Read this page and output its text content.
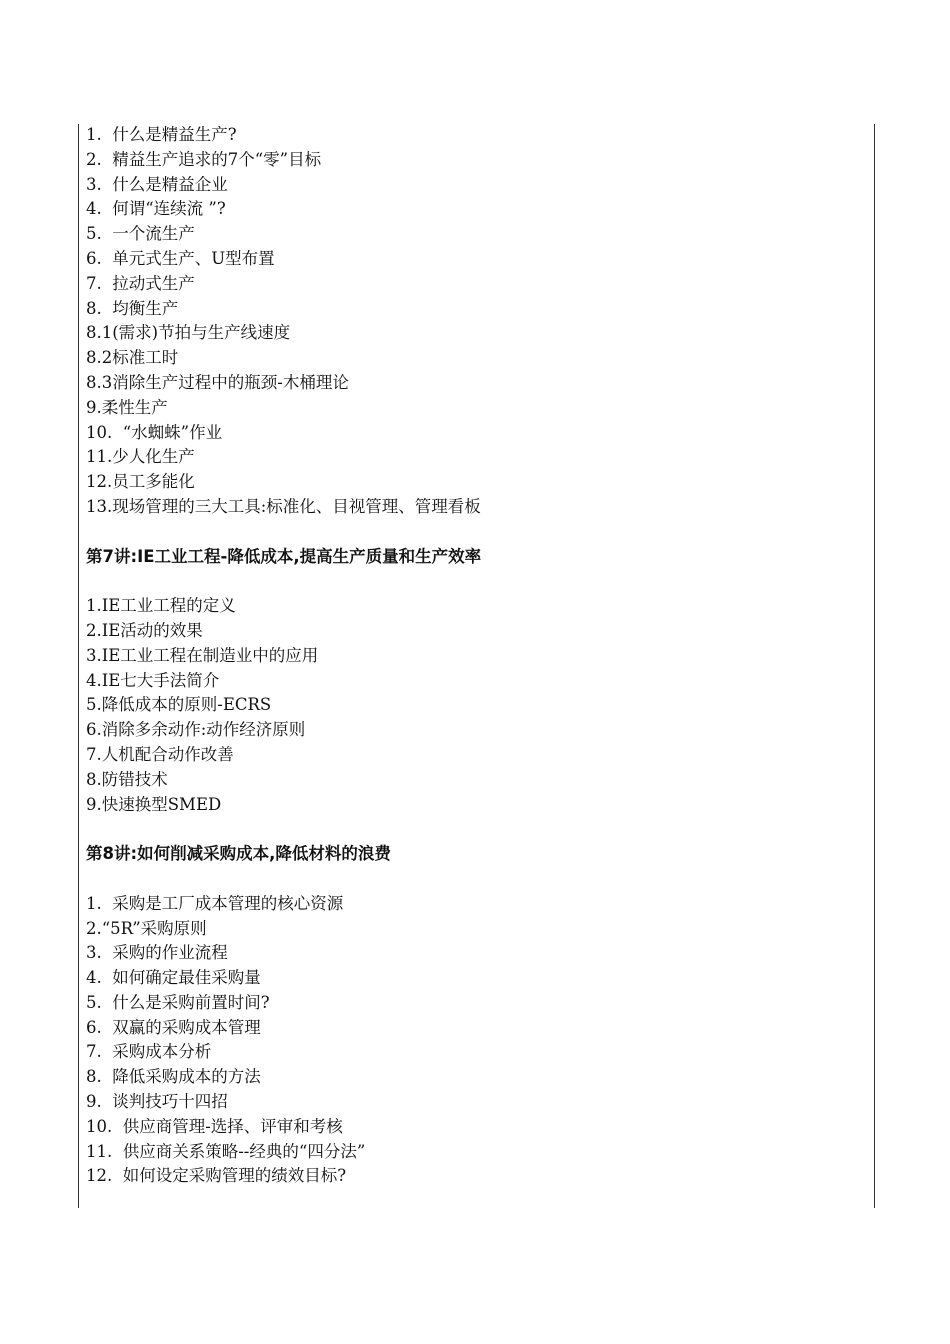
1.  什么是精益生产?
2.  精益生产追求的7个“零”目标
3.  什么是精益企业
4.  何谓“连续流 ”?
5.  一个流生产
6.  单元式生产、U型布置
7.  拉动式生产
8.  均衡生产
8.1(需求)节拍与生产线速度
8.2标准工时
8.3消除生产过程中的瓶颈-木桶理论
9.柔性生产
10.  “水蜘蛛”作业
11.少人化生产
12.员工多能化
13.现场管理的三大工具:标准化、目视管理、管理看板
第7讲:IE工业工程-降低成本,提高生产质量和生产效率
1.IE工业工程的定义
2.IE活动的效果
3.IE工业工程在制造业中的应用
4.IE七大手法简介
5.降低成本的原则-ECRS
6.消除多余动作:动作经济原则
7.人机配合动作改善
8.防错技术
9.快速换型SMED
第8讲:如何削减采购成本,降低材料的浪费
1.  采购是工厂成本管理的核心资源
2.“5R”采购原则
3.  采购的作业流程
4.  如何确定最佳采购量
5.  什么是采购前置时间?
6.  双赢的采购成本管理
7.  采购成本分析
8.  降低采购成本的方法
9.  谈判技巧十四招
10.  供应商管理-选择、评审和考核
11.  供应商关系策略--经典的“四分法”
12.  如何设定采购管理的绩效目标?
